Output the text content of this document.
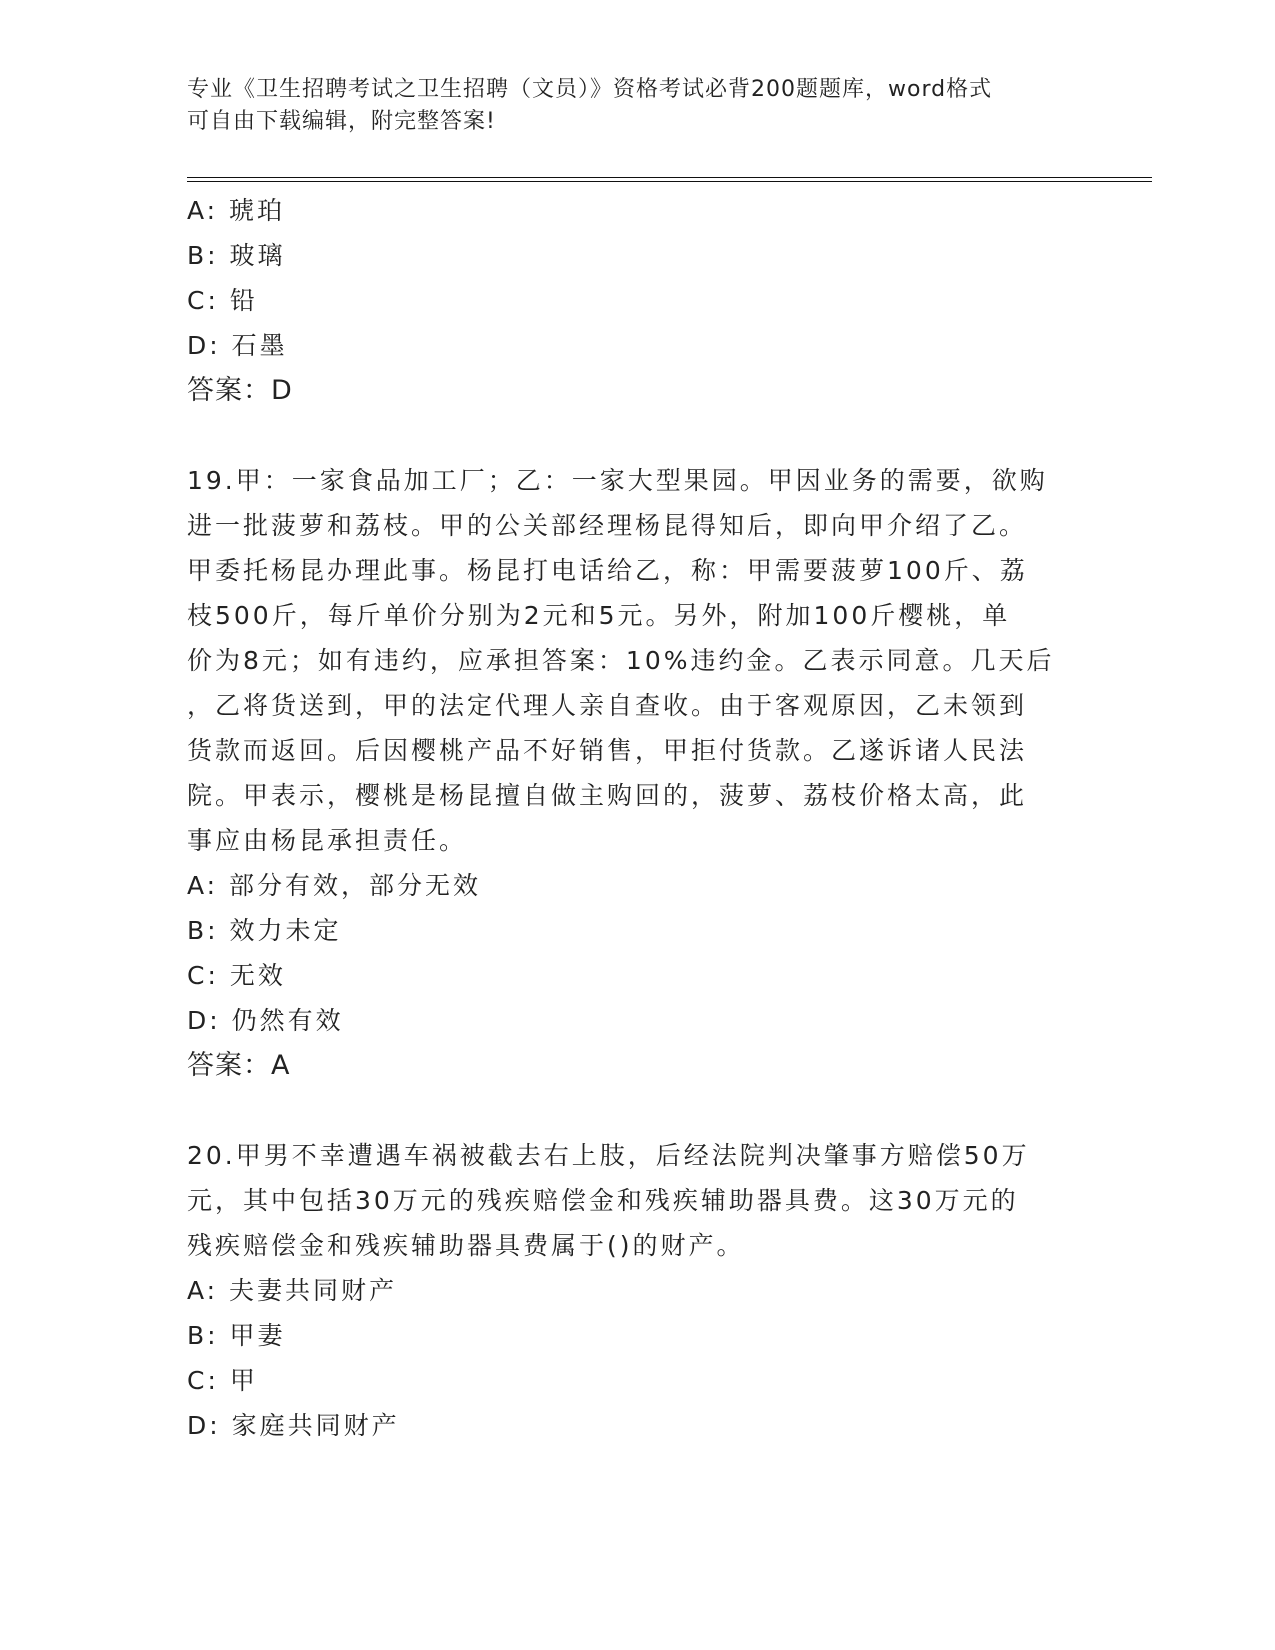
专业《卫生招聘考试之卫生招聘（文员）》资格考试必背200题题库，word格式
可自由下载编辑，附完整答案!

A: 琥珀

B: 玻璃

C: 铅

D: 石墨

答案：D

19.甲：一家食品加工厂；乙：一家大型果园。甲因业务的需要，欲购
进一批菠萝和荔枝。甲的公关部经理杨昆得知后，即向甲介绍了乙。
甲委托杨昆办理此事。杨昆打电话给乙，称：甲需要菠萝100斤、荔
枝500斤，每斤单价分别为2元和5元。另外，附加100斤樱桃，单
价为8元；如有违约，应承担答案：10%违约金。乙表示同意。几天后
，乙将货送到，甲的法定代理人亲自查收。由于客观原因，乙未领到
货款而返回。后因樱桃产品不好销售，甲拒付货款。乙遂诉诸人民法
院。甲表示，樱桃是杨昆擅自做主购回的，菠萝、荔枝价格太高，此
事应由杨昆承担责任。

A: 部分有效，部分无效

B: 效力未定

C: 无效

D: 仍然有效

答案：A

20.甲男不幸遭遇车祸被截去右上肢，后经法院判决肇事方赔偿50万
元，其中包括30万元的残疾赔偿金和残疾辅助器具费。这30万元的
残疾赔偿金和残疾辅助器具费属于()的财产。

A: 夫妻共同财产

B: 甲妻

C: 甲

D: 家庭共同财产
